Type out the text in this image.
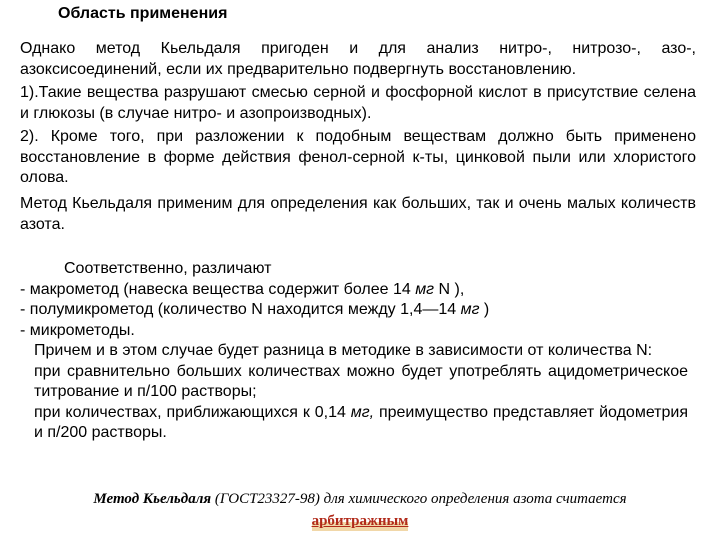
Область применения

Однако метод Кьельдаля пригоден и для анализ нитро-, нитрозо-, азо-, азоксисоединений, если их предварительно подвергнуть восстановлению.

1).Такие вещества разрушают смесью серной и фосфорной кислот в присутствие селена и глюкозы (в случае нитро- и азопроизводных).

2). Кроме того, при разложении к подобным веществам должно быть применено восстановление в форме действия фенол-серной к-ты, цинковой пыли или хлористого олова.

Метод Кьельдаля применим для определения как больших, так и очень малых количеств азота.

Соответственно, различают

- макрометод (навеска вещества содержит более 14 мг N ),

- полумикрометод (количество N находится между 1,4—14 мг )

- микрометоды.

Причем и в этом случае будет разница в методике в зависимости от количества N:

при сравнительно больших количествах можно будет употреблять ацидометрическое титрование и п/100 растворы;

при количествах, приближающихся к 0,14 мг, преимущество представляет йодометрия и п/200 растворы.

Метод Кьельдаля (ГОСТ23327-98) для химического определения азота считается
арбитражным
